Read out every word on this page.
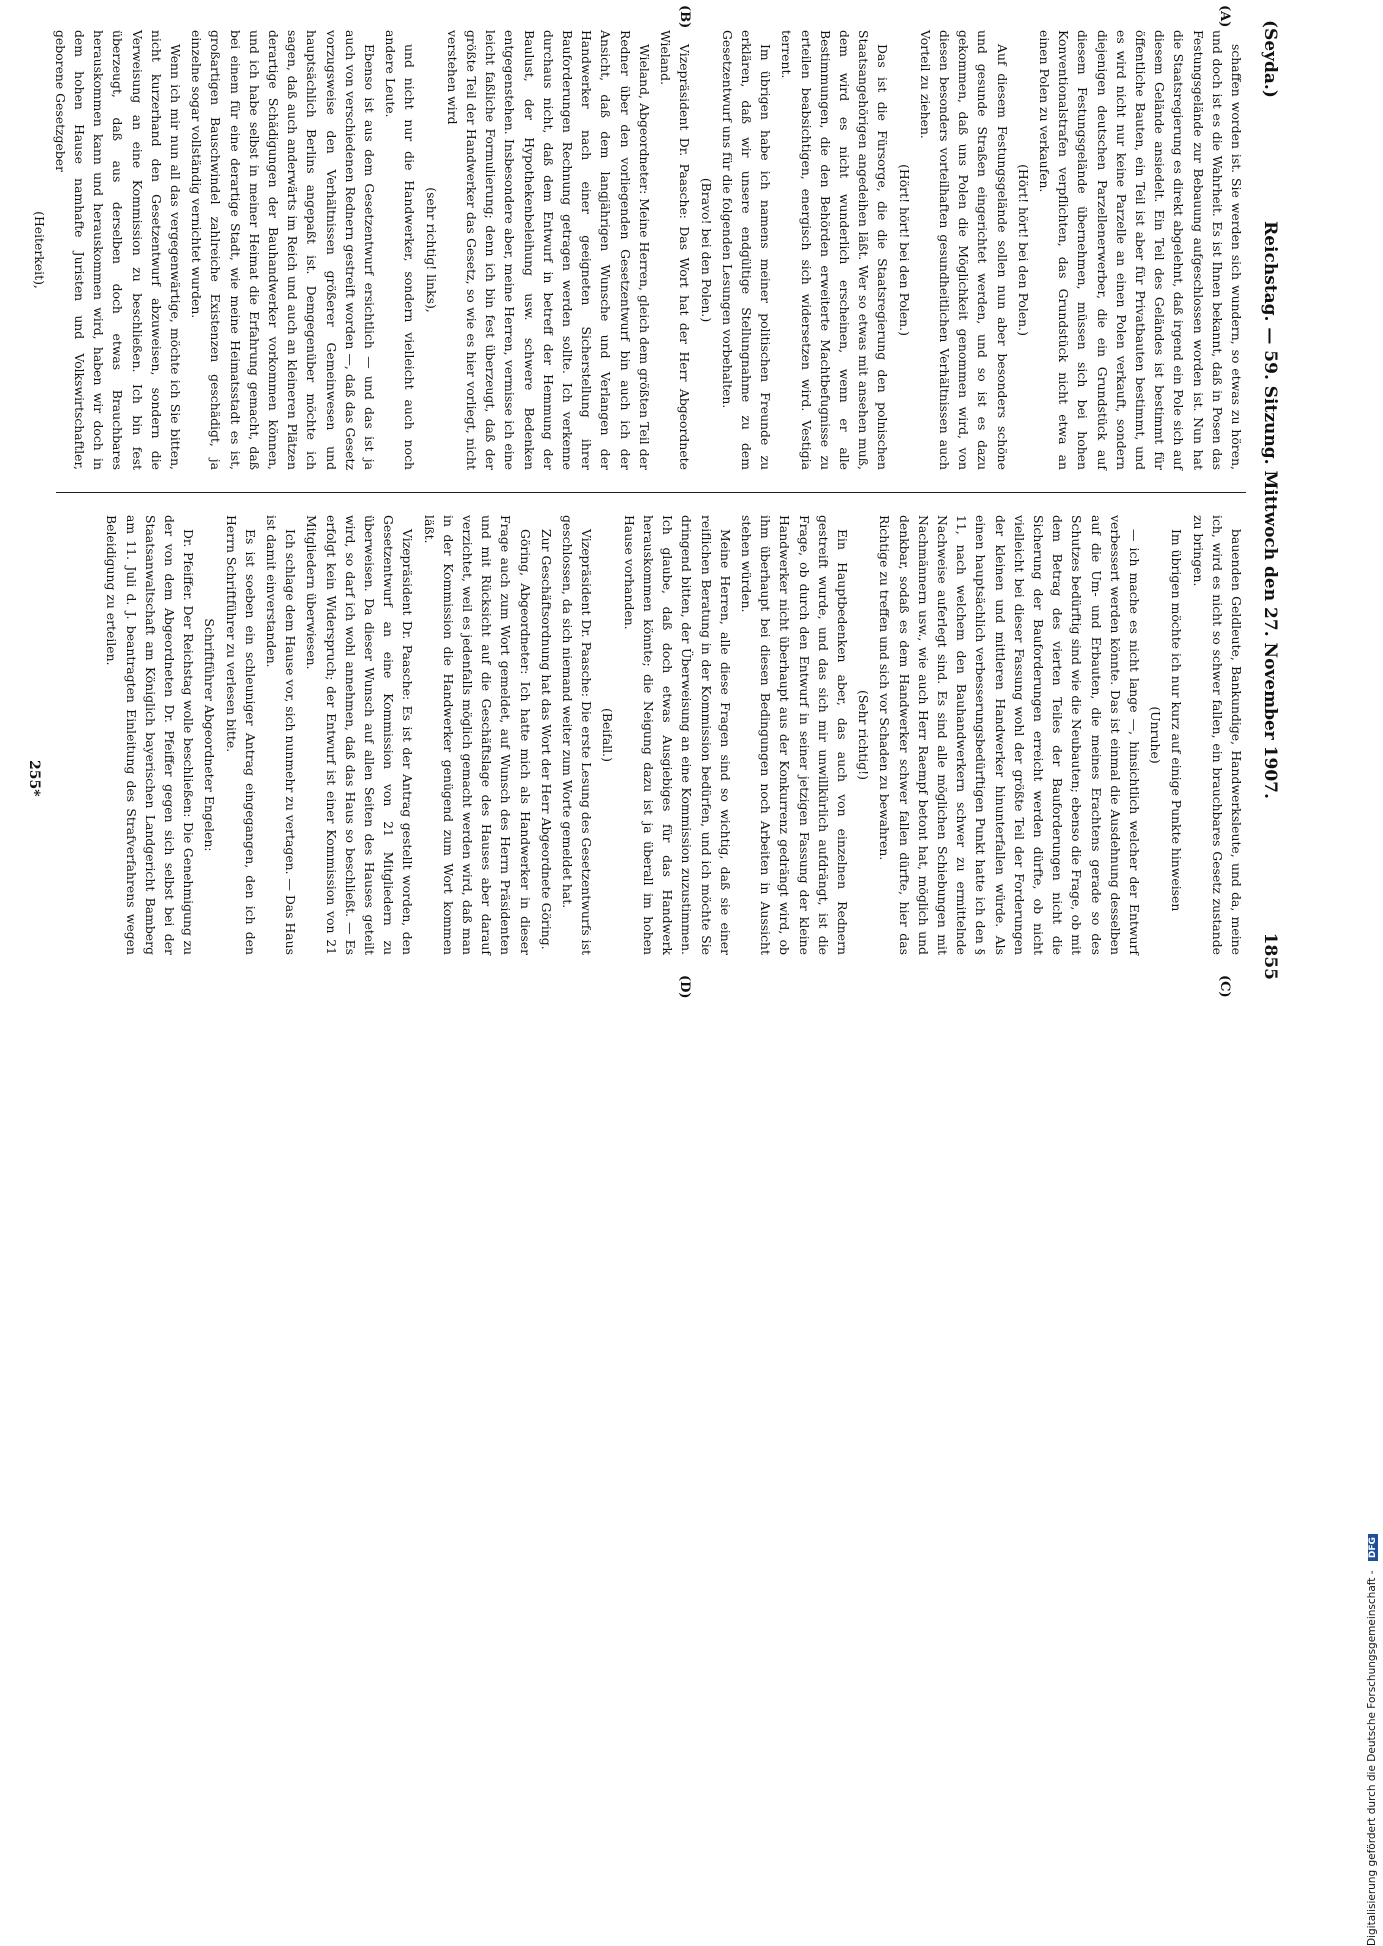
(Seyda.)
Reichstag. — 59. Sitzung. Mittwoch den 27. November 1907.
1855
(A)
(B)
(C)
(D)

schaffen worden ist. Sie werden sich wundern, so etwas zu hören, und doch ist es die Wahrheit. Es ist Ihnen bekannt, daß in Posen das Festungsgelände zur Bebauung aufgeschlossen worden ist. Nun hat die Staatsregierung es direkt abgelehnt, daß irgend ein Pole sich auf diesem Gelände ansiedelt. Ein Teil des Geländes ist bestimmt für öffentliche Bauten, ein Teil ist aber für Privatbauten bestimmt, und es wird nicht nur keine Parzelle an einen Polen verkauft, sondern diejenigen deutschen Parzellenerwerber, die ein Grundstück auf diesem Festungsgelände übernehmen, müssen sich bei hohen Konventionalstrafen verpflichten, das Grundstück nicht etwa an einen Polen zu verkaufen.

(Hört! hört! bei den Polen.)

Auf diesem Festungsgelände sollen nun aber besonders schöne und gesunde Straßen eingerichtet werden, und so ist es dazu gekommen, daß uns Polen die Möglichkeit genommen wird, von diesen besonders vorteilhaften gesundheitlichen Verhältnissen auch Vorteil zu ziehen.

(Hört! hört! bei den Polen.)

Das ist die Fürsorge, die die Staatsregierung den polnischen Staatsangehörigen angedeihen läßt. Wer so etwas mit ansehen muß, dem wird es nicht wunderlich erscheinen, wenn er alle Bestimmungen, die den Behörden erweiterte Machtbefugnisse zu erteilen beabsichtigen, energisch sich widersetzen wird. Vestigia terrent.

Im übrigen habe ich namens meiner politischen Freunde zu erklären, daß wir unsere endgültige Stellungnahme zu dem Gesetzentwurf uns für die folgenden Lesungen vorbehalten.

(Bravo! bei den Polen.)

Vizepräsident Dr. Paasche: Das Wort hat der Herr Abgeordnete Wieland.

Wieland, Abgeordneter: Meine Herren, gleich dem größten Teil der Redner über den vorliegenden Gesetzentwurf bin auch ich der Ansicht, daß dem langjährigen Wunsche und Verlangen der Handwerker nach einer geeigneten Sicherstellung ihrer Bauforderungen Rechnung getragen werden sollte. Ich verkenne durchaus nicht, daß dem Entwurf in betreff der Hemmung der Baulust, der Hypothekenbeleihung usw. schwere Bedenken entgegenstehen. Insbesondere aber, meine Herren, vermisse ich eine leicht faßliche Formulierung; denn ich bin fest überzeugt, daß der größte Teil der Handwerker das Gesetz, so wie es hier vorliegt, nicht verstehen wird

(sehr richtig! links),

und nicht nur die Handwerker, sondern vielleicht auch noch andere Leute.

Ebenso ist aus dem Gesetzentwurf ersichtlich — und das ist ja auch von verschiedenen Rednern gestreift worden —, daß das Gesetz vorzugsweise den Verhältnissen größerer Gemeinwesen und hauptsächlich Berlins angepaßt ist. Demgegenüber möchte ich sagen, daß auch anderwärts im Reich und auch an kleineren Plätzen derartige Schädigungen der Bauhandwerker vorkommen können, und ich habe selbst in meiner Heimat die Erfahrung gemacht, daß bei einem für eine derartige Stadt, wie meine Heimatsstadt es ist, großartigen Bauschwindel zahlreiche Existenzen geschädigt, ja einzelne sogar vollständig vernichtet wurden.

Wenn ich mir nun all das vergegenwärtige, möchte ich Sie bitten, nicht kurzerhand den Gesetzentwurf abzuweisen, sondern die Verweisung an eine Kommission zu beschließen. Ich bin fest überzeugt, daß aus derselben doch etwas Brauchbares herauskommen kann und herauskommen wird, haben wir doch in dem hohen Hause namhafte Juristen und Volkswirtschaftler, geborene Gesetzgeber

(Heiterkeit),

bauenden Geldleute, Bankundige, Handwerksleute, und da, meine ich, wird es nicht so schwer fallen, ein brauchbares Gesetz zustande zu bringen.

Im übrigen möchte ich nur kurz auf einige Punkte hinweisen

(Unruhe)

— ich mache es nicht lange —, hinsichtlich welcher der Entwurf verbessert werden könnte. Das ist einmal die Ausdehnung desselben auf die Um- und Erbauten, die meines Erachtens gerade so des Schutzes bedürftig sind wie die Neubauten; ebenso die Frage, ob mit dem Betrag des vierten Teiles der Bauforderungen nicht die Sicherung der Bauforderungen erreicht werden dürfte, ob nicht vielleicht bei dieser Fassung wohl der größte Teil der Forderungen der kleinen und mittleren Handwerker hinunterfallen würde. Als einen hauptsächlich verbesserungsbedürftigen Punkt hatte ich den § 11, nach welchem den Bauhandwerkern schwer zu ermittelnde Nachweise auferlegt sind. Es sind alle möglichen Schiebungen mit Nachmännern usw., wie auch Herr Raempf betont hat, möglich und denkbar, sodaß es dem Handwerker schwer fallen dürfte, hier das Richtige zu treffen und sich vor Schaden zu bewahren.

(Sehr richtig!)

Ein Hauptbedenken aber, das auch von einzelnen Rednern gestreift wurde, und das sich mir unwillkürlich aufdrängt, ist die Frage, ob durch den Entwurf in seiner jetzigen Fassung der kleine Handwerker nicht überhaupt aus der Konkurrenz gedrängt wird, ob ihm überhaupt bei diesen Bedingungen noch Arbeiten in Aussicht stehen würden.

Meine Herren, alle diese Fragen sind so wichtig, daß sie einer reiflichen Beratung in der Kommission bedürfen, und ich möchte Sie dringend bitten, der Überweisung an eine Kommission zuzustimmen. Ich glaube, daß doch etwas Ausgiebiges für das Handwerk herauskommen könnte; die Neigung dazu ist ja überall im hohen Hause vorhanden.

(Beifall.)

Vizepräsident Dr. Paasche: Die erste Lesung des Gesetzentwurfs ist geschlossen, da sich niemand weiter zum Worte gemeldet hat.

Zur Geschäftsordnung hat das Wort der Herr Abgeordnete Göring.

Göring, Abgeordneter: Ich hatte mich als Handwerker in dieser Frage auch zum Wort gemeldet, auf Wunsch des Herrn Präsidenten und mit Rücksicht auf die Geschäftslage des Hauses aber darauf verzichtet, weil es jedenfalls möglich gemacht werden wird, daß man in der Kommission die Handwerker genügend zum Wort kommen läßt.

Vizepräsident Dr. Paasche: Es ist der Antrag gestellt worden, den Gesetzentwurf an eine Kommission von 21 Mitgliedern zu überweisen. Da dieser Wunsch auf allen Seiten des Hauses geteilt wird, so darf ich wohl annehmen, daß das Haus so beschließt. — Es erfolgt kein Widerspruch; der Entwurf ist einer Kommission von 21 Mitgliedern überwiesen.

Ich schlage dem Hause vor, sich nunmehr zu vertagen. — Das Haus ist damit einverstanden.

Es ist soeben ein schleuniger Antrag eingegangen, den ich den Herrn Schriftführer zu verlesen bitte.

Schriftführer Abgeordneter Engelen:

Dr. Pfeiffer. Der Reichstag wolle beschließen: Die Genehmigung zu der von dem Abgeordneten Dr. Pfeiffer gegen sich selbst bei der Staatsanwaltschaft am Königlich bayerischen Landgericht Bamberg am 11. Juli d. J. beantragten Einleitung des Strafverfahrens wegen Beleidigung zu erteilen.

255*
Digitalisierung gefördert durch die Deutsche Forschungsgemeinschaft - DFG
